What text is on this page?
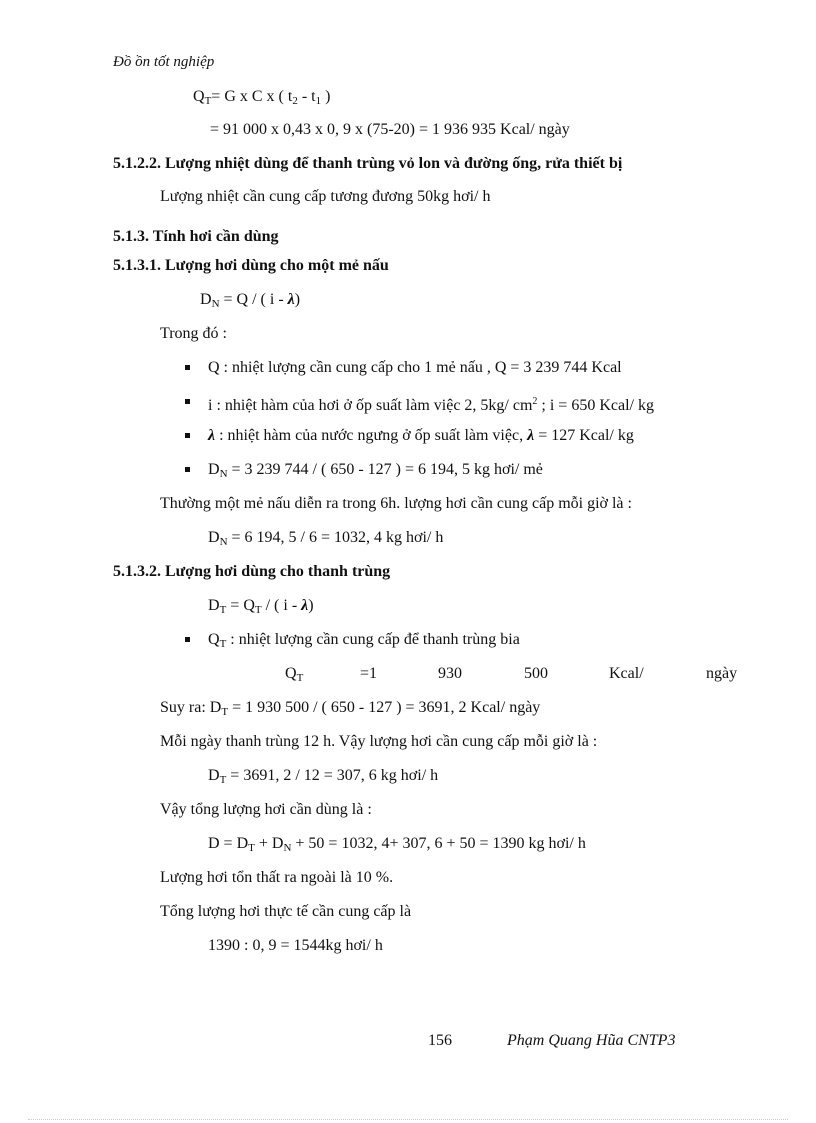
Đồ ồn tốt nghiệp
$Q_T= G$ x C x ( $t_2 - t_1$ )
= 91 000 x 0,43 x 0, 9 x (75-20) = 1 936 935 Kcal/ ngày
5.1.2.2. Lượng nhiệt dùng để thanh trùng vỏ lon và đường ống, rửa thiết bị
Lượng nhiệt cần cung cấp tương đương 50kg hơi/ h
5.1.3. Tính hơi cần dùng
5.1.3.1. Lượng hơi dùng cho một mẻ nấu
$D_N = Q$ / ( i - λ)
Trong đó :
Q : nhiệt lượng cần cung cấp cho 1 mẻ nấu , Q = 3 239 744 Kcal
i : nhiệt hàm của hơi ở ốp suất làm việc 2, 5kg/ $cm^2$ ; i = 650 Kcal/ kg
λ : nhiệt hàm của nước ngưng ở ốp suất làm việc, λ = 127 Kcal/ kg
$D_N = 3$ 239 744 / ( 650 - 127 ) = 6 194, 5 kg hơi/ mẻ
Thường một mẻ nấu diễn ra trong 6h. lượng hơi cần cung cấp mỗi giờ là :
$D_N = 6$ 194, 5 / 6 = 1032, 4 kg hơi/ h
5.1.3.2. Lượng hơi dùng cho thanh trùng
$D_T = Q_T$ / ( i - λ)
$Q_T$ : nhiệt lượng cần cung cấp để thanh trùng bia
$Q_T$	=1	930	500	Kcal/	ngày
Suy ra: $D_T = 1$ 930 500 / ( 650 - 127 ) = 3691, 2 Kcal/ ngày
Mỗi ngày thanh trùng 12 h. Vậy lượng hơi cần cung cấp mỗi giờ là :
$D_T = 3691$, 2 / 12 = 307, 6 kg hơi/ h
Vậy tổng lượng hơi cần dùng là :
$D = D_T + D_N + 50 = 1032$, 4+ 307, 6 + 50 = 1390 kg hơi/ h
Lượng hơi tổn thất ra ngoài là 10 %.
Tổng lượng hơi thực tế cần cung cấp là
1390 : 0, 9 = 1544kg hơi/ h
156	Phạm Quang Hũa CNTP3
